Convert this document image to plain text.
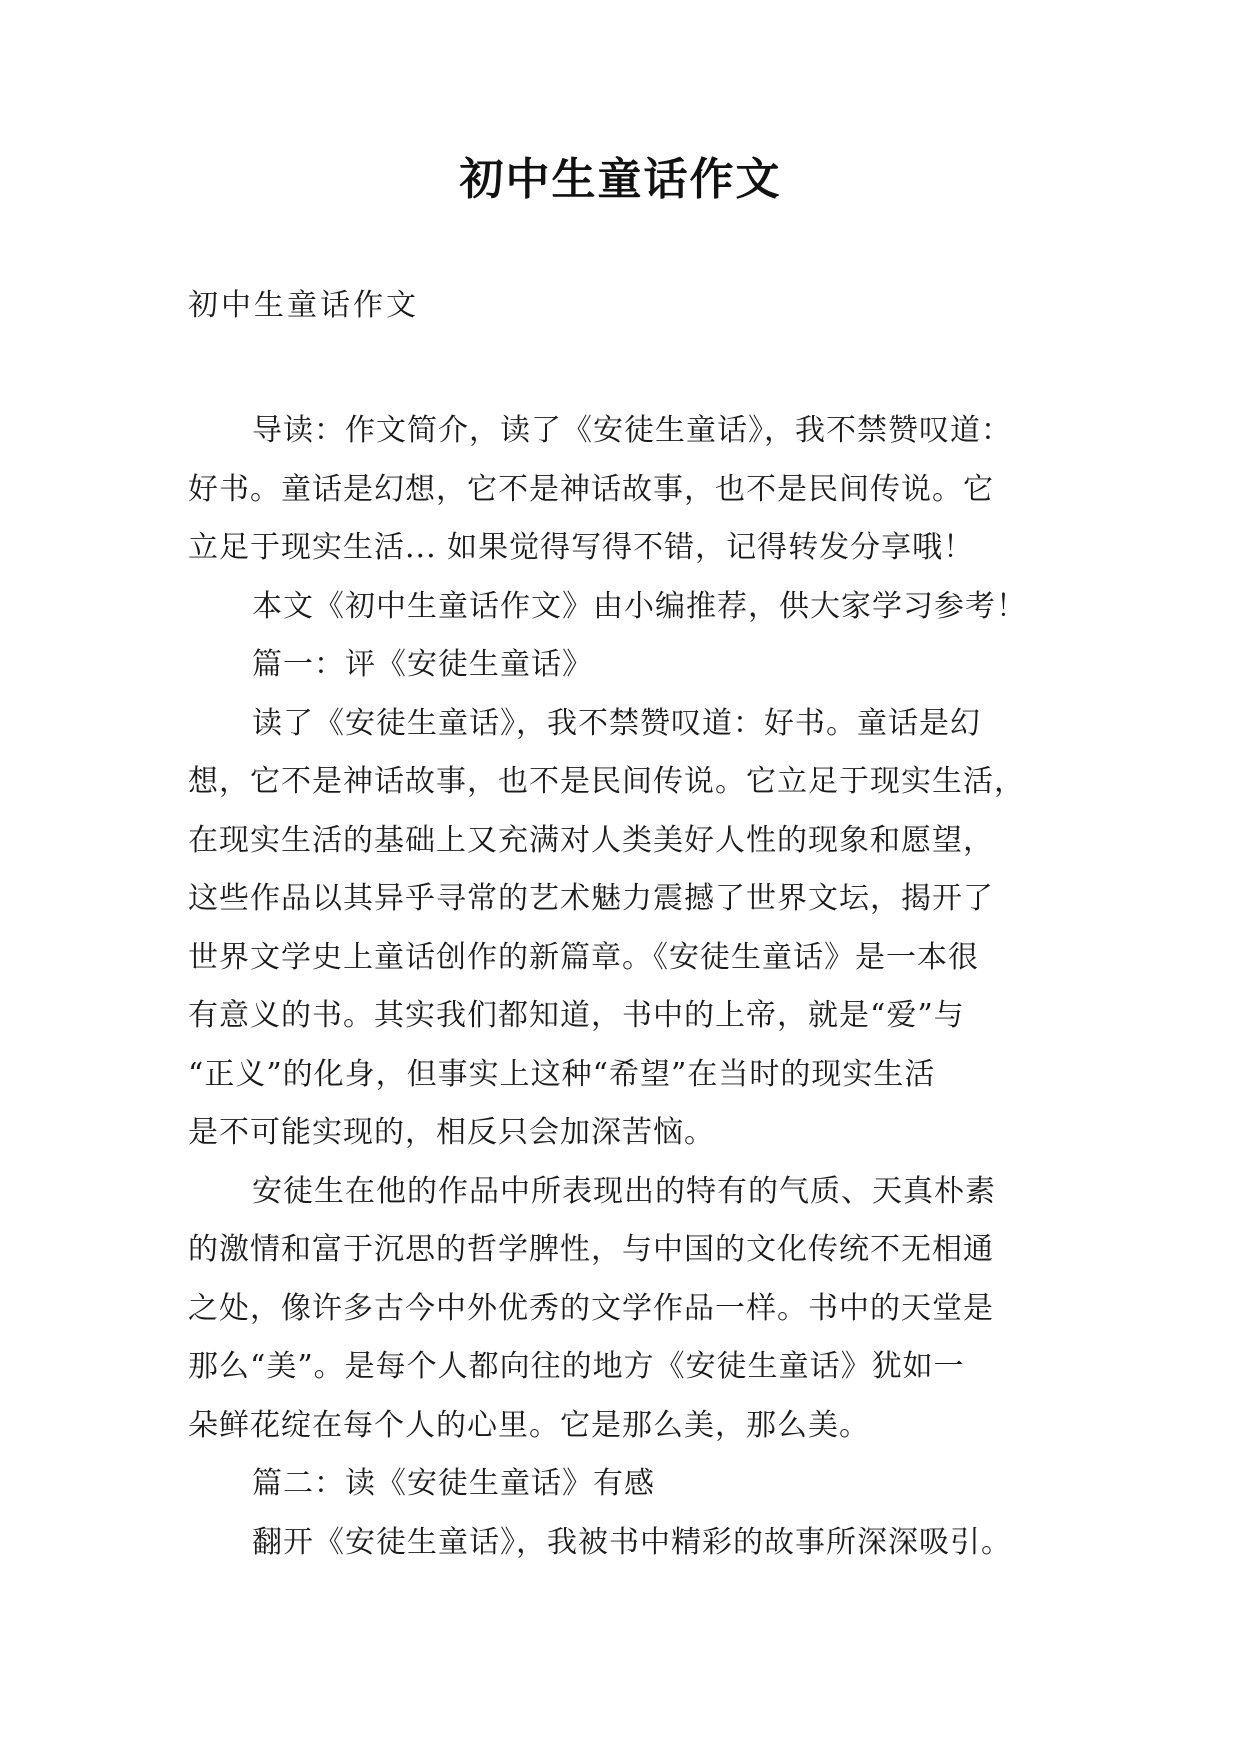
初中生童话作文
初中生童话作文
导读：作文简介，读了《安徒生童话》，我不禁赞叹道：
好书。童话是幻想，它不是神话故事，也不是民间传说。它
立足于现实生活... 如果觉得写得不错，记得转发分享哦！
本文《初中生童话作文》由小编推荐，供大家学习参考！
篇一：评《安徒生童话》
读了《安徒生童话》，我不禁赞叹道：好书。童话是幻
想，它不是神话故事，也不是民间传说。它立足于现实生活，
在现实生活的基础上又充满对人类美好人性的现象和愿望，
这些作品以其异乎寻常的艺术魅力震撼了世界文坛，揭开了
世界文学史上童话创作的新篇章。《安徒生童话》是一本很
有意义的书。其实我们都知道，书中的上帝，就是“爱”与
“正义”的化身，但事实上这种“希望”在当时的现实生活
是不可能实现的，相反只会加深苦恼。
安徒生在他的作品中所表现出的特有的气质、天真朴素
的激情和富于沉思的哲学脾性，与中国的文化传统不无相通
之处，像许多古今中外优秀的文学作品一样。书中的天堂是
那么“美”。是每个人都向往的地方《安徒生童话》犹如一
朵鲜花绽在每个人的心里。它是那么美，那么美。
篇二：读《安徒生童话》有感
翻开《安徒生童话》，我被书中精彩的故事所深深吸引。
